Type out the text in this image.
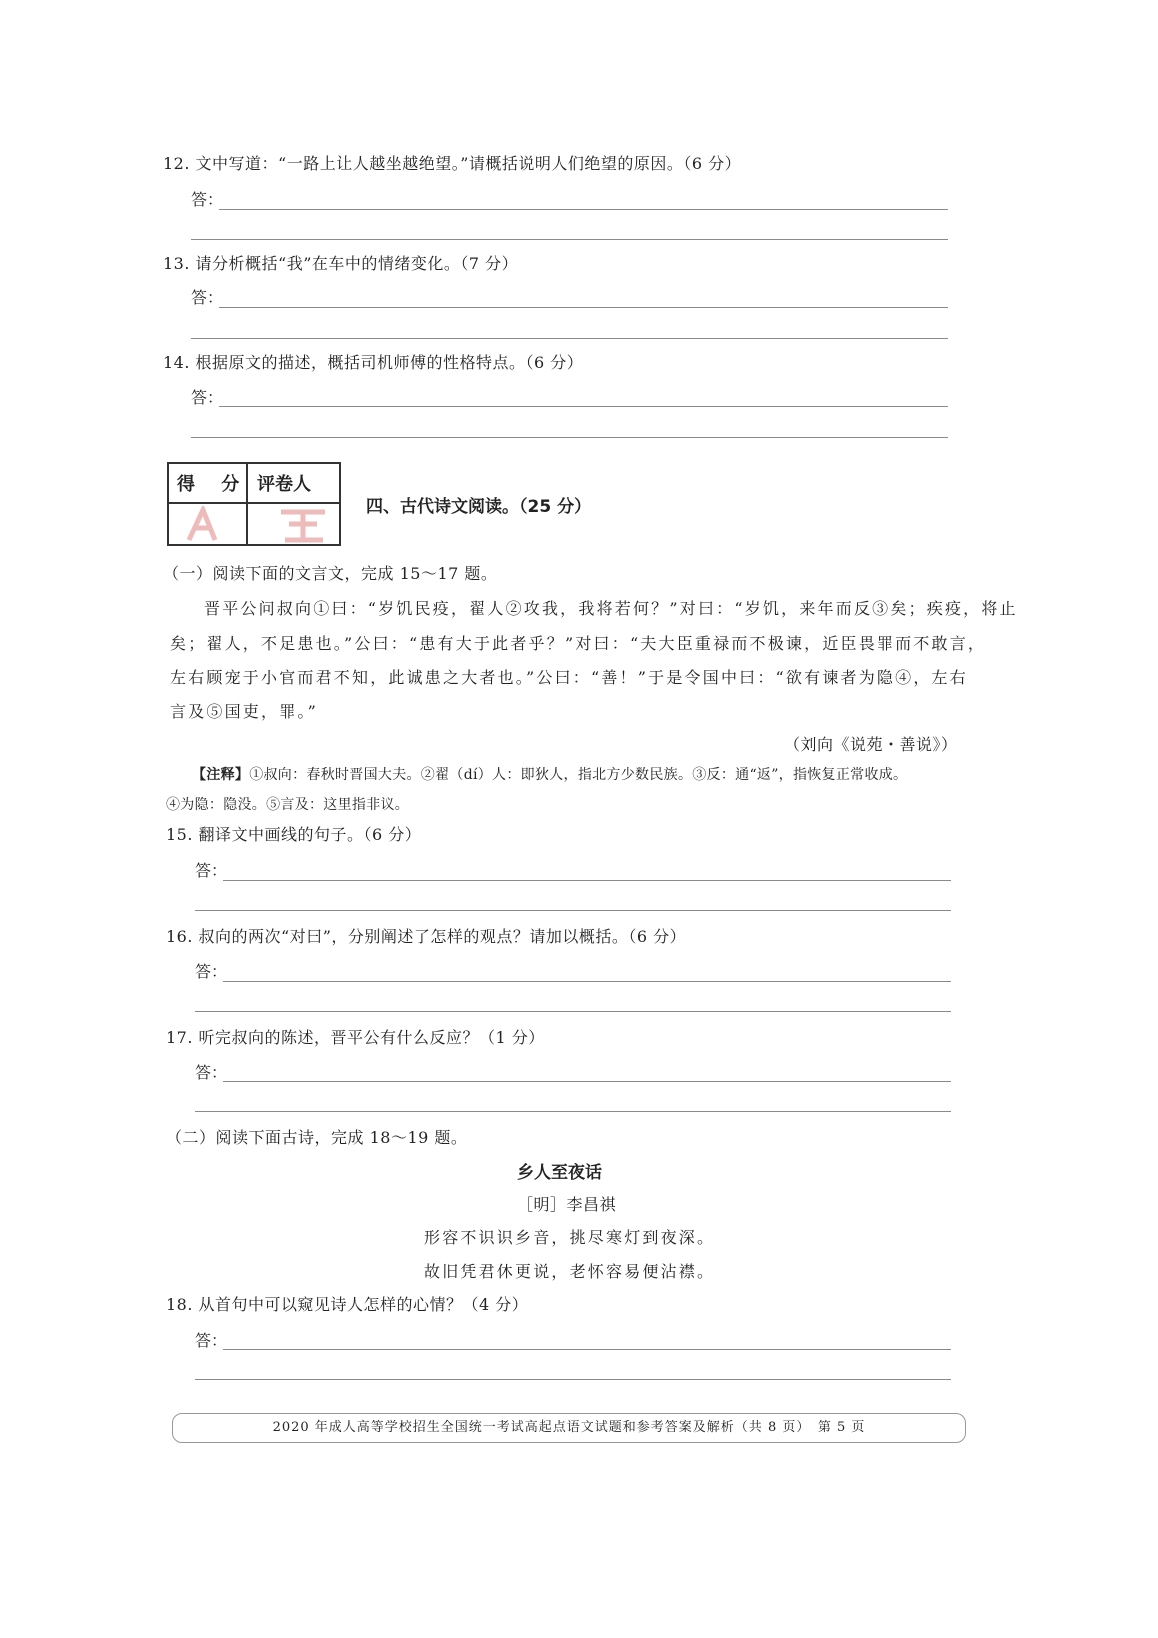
12. 文中写道：“一路上让人越坐越绝望。”请概括说明人们绝望的原因。（6 分）
答：
13. 请分析概括“我”在车中的情绪变化。（7 分）
答：
14. 根据原文的描述，概括司机师傅的性格特点。（6 分）
答：
得 分 评卷人
四、古代诗文阅读。（25 分）
（一）阅读下面的文言文，完成 15～17 题。
晋平公问叔向①曰：“岁饥民疫，翟人②攻我，我将若何？”对曰：“岁饥，来年而反③矣；疾疫，将止
矣；翟人，不足患也。”公曰：“患有大于此者乎？”对曰：“夫大臣重禄而不极谏，近臣畏罪而不敢言，
左右顾宠于小官而君不知，此诚患之大者也。”公曰：“善！”于是令国中曰：“欲有谏者为隐④，左右
言及⑤国吏，罪。”
（刘向《说苑・善说》）
【注释】①叔向：春秋时晋国大夫。②翟（dí）人：即狄人，指北方少数民族。③反：通“返”，指恢复正常收成。
④为隐：隐没。⑤言及：这里指非议。
15. 翻译文中画线的句子。（6 分）
答：
16. 叔向的两次“对曰”，分别阐述了怎样的观点？请加以概括。（6 分）
答：
17. 听完叔向的陈述，晋平公有什么反应？（1 分）
答：
（二）阅读下面古诗，完成 18～19 题。
乡人至夜话
［明］李昌祺
形容不识识乡音，挑尽寒灯到夜深。
故旧凭君休更说，老怀容易便沾襟。
18. 从首句中可以窥见诗人怎样的心情？（4 分）
答：
2020 年成人高等学校招生全国统一考试高起点语文试题和参考答案及解析（共 8 页）　第 5 页
